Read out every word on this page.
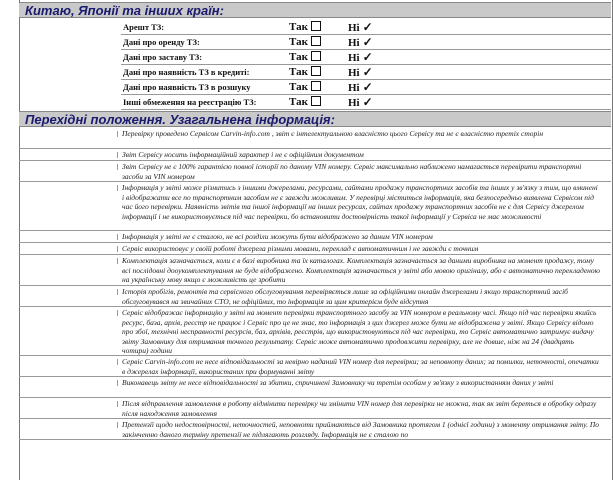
Китаю, Японії та інших країн:
Арешт ТЗ:	Так	Ні ✓
Дані про оренду ТЗ:	Так	Ні ✓
Дані про заставу ТЗ:	Так	Ні ✓
Дані про наявність ТЗ в кредиті:	Так	Ні ✓
Дані про наявність ТЗ в розшуку	Так	Ні ✓
Інші обмеження на реєстрацію ТЗ:	Так	Ні ✓
Перехідні положення. Узагальнена інформація:
Перевірку проведено Сервісом Carvin-info.com , звіт є інтелектуальною власністю цього Сервісу та не є власністю третіх сторін
Звіт Сервісу носить інформаційний характер і не є офіційним документом
Звіт Сервісу не є 100% гарантією повної історії по даному VIN номеру. Сервіс максимально наближено намагається перевірити транспортні засоби за VIN номером
Інформація у звіті може різнитись з іншими джерелами, ресурсами, сайтами продажу транспортних засобів та інших у зв'язку з тим, що вминені і відображати все по транспортним засобам не є завжди можливим. У перевірці міститься інформація, яка безпосередньо виявлена Сервісом під час його перевірки. Наявність звітів та іншої інформації на інших ресурсах, сайтах продажу транспортних засобів не є для Сервісу джерелом інформації і не використовується під час перевірки, бо встановити достовірність такої інформації у Сервіса не має можливості
Інформація у звіті не є сталою, не всі розділи можуть бути відображено за даним VIN номером
Сервіс використовує у своїй роботі джерела різними мовами, переклад є автоматичним і не завжди є точним
Комплектація зазначається, коли є в базі виробника та їх каталогах. Комплектація зазначається за даними виробника на момент продажу, тому всі послідовні дооукомплектування не буде відображено. Комплектація зазначається у звіті або мовою оригіналу, або є автоматично перекладеною на українську мову якщо є можливість це зробити
Історія пробігів, ремонтів та сервісного обслуговування перевіряється лише за офіційними онлайн джерелами і якщо транспортний засіб обслуговувався на звичайних СТО, не офіційних, то інформація за цим критерієм буде відсутня
Сервіс відображає інформацію у звіті на момент перевірки транспортного засобу за VIN номером в реальному часі. Якщо під час перевірки якийсь ресурс, база, архів, реєстр не працює і Сервіс про це не знає, то інформація з цих джерел може бути не відображена у звіті. Якщо Сервісу відомо про збої, технічні несправності ресурсів, баз, архівів, реєстрів, що використовуються під час перевірки, то Сервіс автоматично затримує видачу звіту Замовнику для отримання точного результату. Сервіс може автоматично продовжити перевірку, але не довше, ніж на 24 (двадцять чотири) години
Сервіс Carvin-info.com не несе відповідальності за невірно наданий VIN номер для перевірки; за неповноту даних; за помилки, неточності, опечатки в джерелах інформації, використаних при формуванні звіту
Виконавець звіту не несе відповідальності за збитки, спричинені Замовнику чи третім особам у зв'язку з використанням даних у звіті
Після відправлення замовлення в роботу відмінити перевірку чи змінити VIN номер для перевірки не можна, так як звіт береться в обробку одразу після находження замовлення
Претензії щодо недостовірності, неточностей, неповноти приймаються від Замовника протягом 1 (однієї години) з моменту отримання звіту. По закінченню даного терміну претензії не підлягають розгляду. Інформація не є сталою по
